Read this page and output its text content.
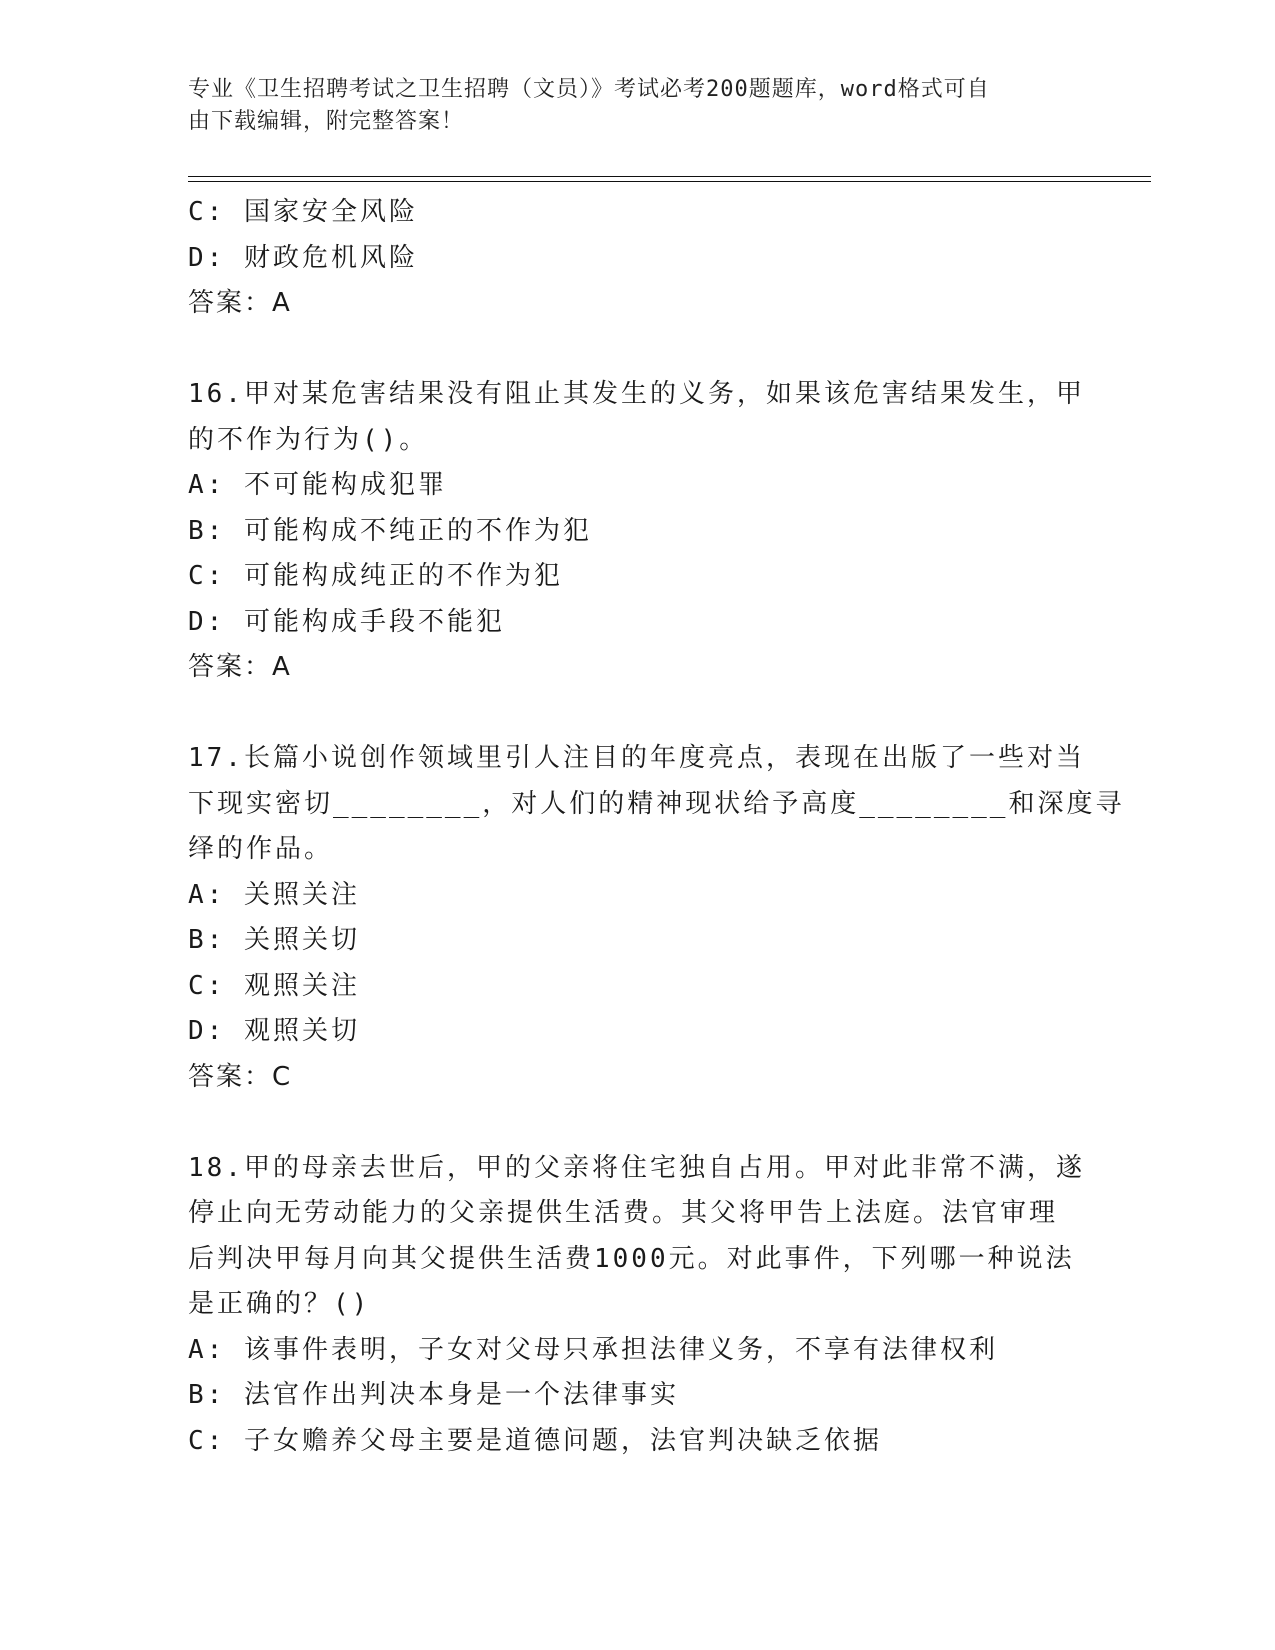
专业《卫生招聘考试之卫生招聘（文员）》考试必考200题题库，word格式可自
由下载编辑，附完整答案！
C: 国家安全风险
D: 财政危机风险
答案：A
16.甲对某危害结果没有阻止其发生的义务，如果该危害结果发生，甲
的不作为行为()。
A: 不可能构成犯罪
B: 可能构成不纯正的不作为犯
C: 可能构成纯正的不作为犯
D: 可能构成手段不能犯
答案：A
17.长篇小说创作领域里引人注目的年度亮点，表现在出版了一些对当
下现实密切________，对人们的精神现状给予高度________和深度寻
绎的作品。
A: 关照关注
B: 关照关切
C: 观照关注
D: 观照关切
答案：C
18.甲的母亲去世后，甲的父亲将住宅独自占用。甲对此非常不满，遂
停止向无劳动能力的父亲提供生活费。其父将甲告上法庭。法官审理
后判决甲每月向其父提供生活费1000元。对此事件，下列哪一种说法
是正确的？()
A: 该事件表明，子女对父母只承担法律义务，不享有法律权利
B: 法官作出判决本身是一个法律事实
C: 子女赡养父母主要是道德问题，法官判决缺乏依据
